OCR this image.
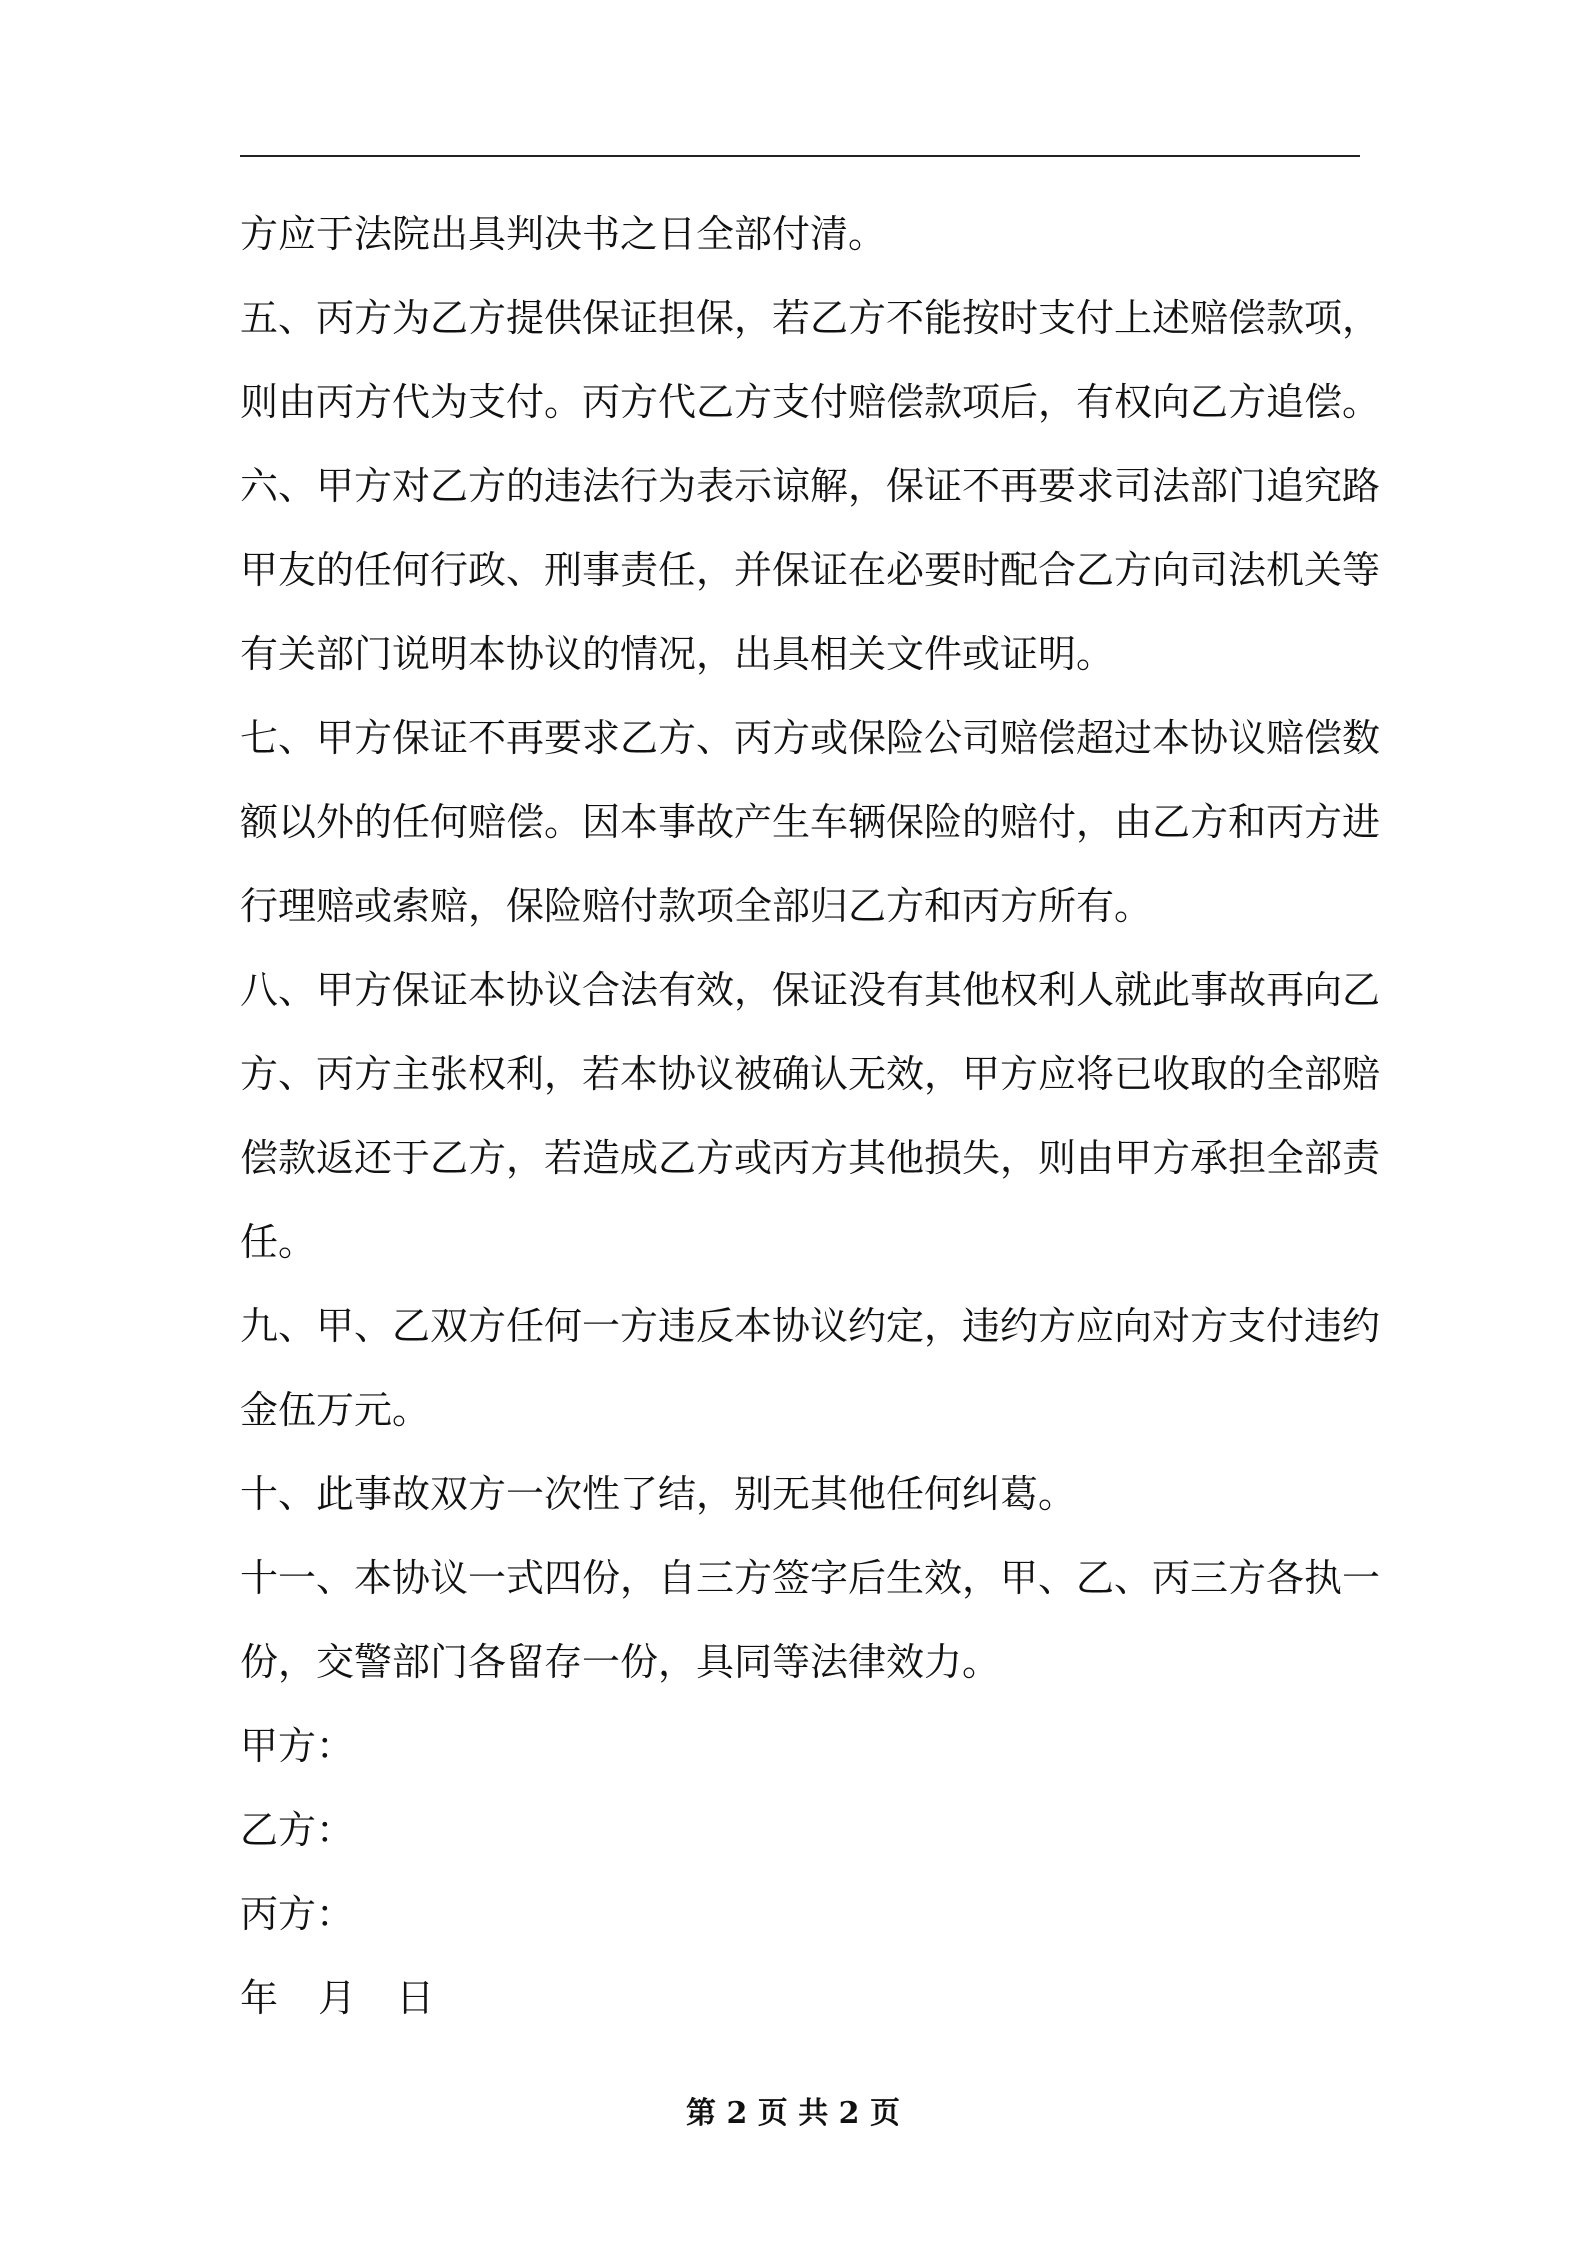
方应于法院出具判决书之日全部付清。
五、丙方为乙方提供保证担保，若乙方不能按时支付上述赔偿款项，
则由丙方代为支付。丙方代乙方支付赔偿款项后，有权向乙方追偿。
六、甲方对乙方的违法行为表示谅解，保证不再要求司法部门追究路
甲友的任何行政、刑事责任，并保证在必要时配合乙方向司法机关等
有关部门说明本协议的情况，出具相关文件或证明。
七、甲方保证不再要求乙方、丙方或保险公司赔偿超过本协议赔偿数
额以外的任何赔偿。因本事故产生车辆保险的赔付，由乙方和丙方进
行理赔或索赔，保险赔付款项全部归乙方和丙方所有。
八、甲方保证本协议合法有效，保证没有其他权利人就此事故再向乙
方、丙方主张权利，若本协议被确认无效，甲方应将已收取的全部赔
偿款返还于乙方，若造成乙方或丙方其他损失，则由甲方承担全部责
任。
九、甲、乙双方任何一方违反本协议约定，违约方应向对方支付违约
金伍万元。
十、此事故双方一次性了结，别无其他任何纠葛。
十一、本协议一式四份，自三方签字后生效，甲、乙、丙三方各执一
份，交警部门各留存一份，具同等法律效力。
甲方：
乙方：
丙方：
年 月 日
第 2 页 共 2 页
